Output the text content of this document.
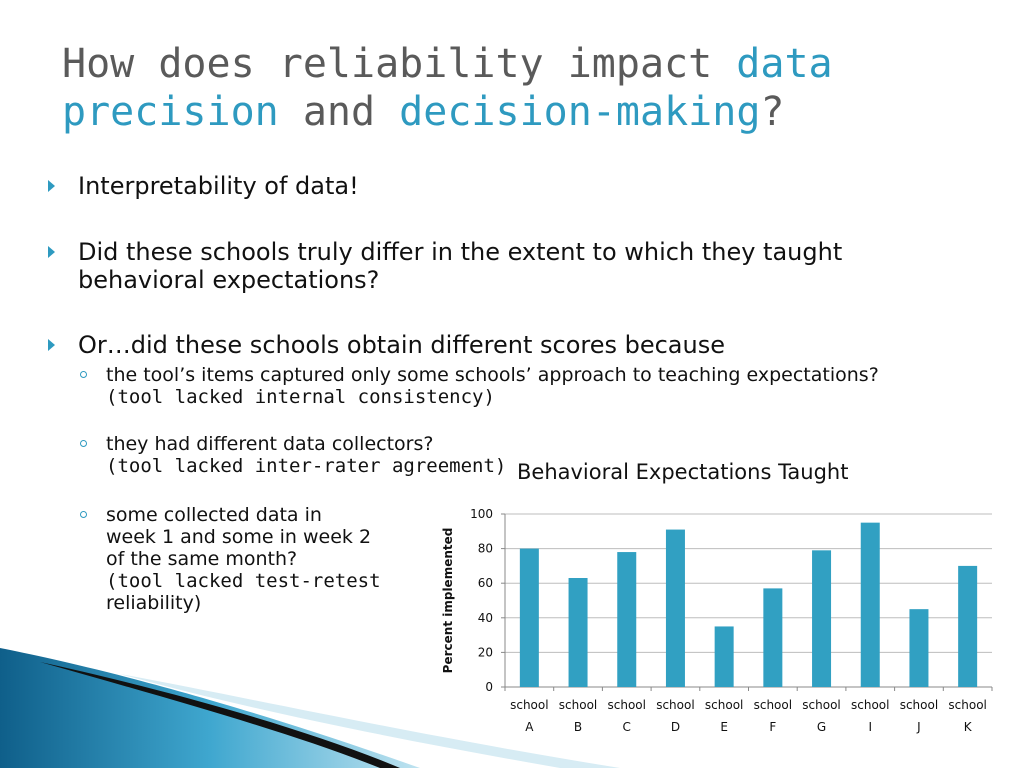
How does reliability impact data
precision and decision-making?
Interpretability of data!
Did these schools truly differ in the extent to which they taught
behavioral expectations?
Or…did these schools obtain different scores because
the tool’s items captured only some schools’ approach to teaching expectations?
(tool lacked internal consistency)
they had different data collectors?
(tool lacked inter-rater agreement)
some collected data in
week 1 and some in week 2
of the same month?
(tool lacked test-retest
reliability)
Behavioral Expectations Taught
0
20
40
60
80
100
Percent implemented
school
A
school
B
school
C
school
D
school
E
school
F
school
G
school
I
school
J
school
K
